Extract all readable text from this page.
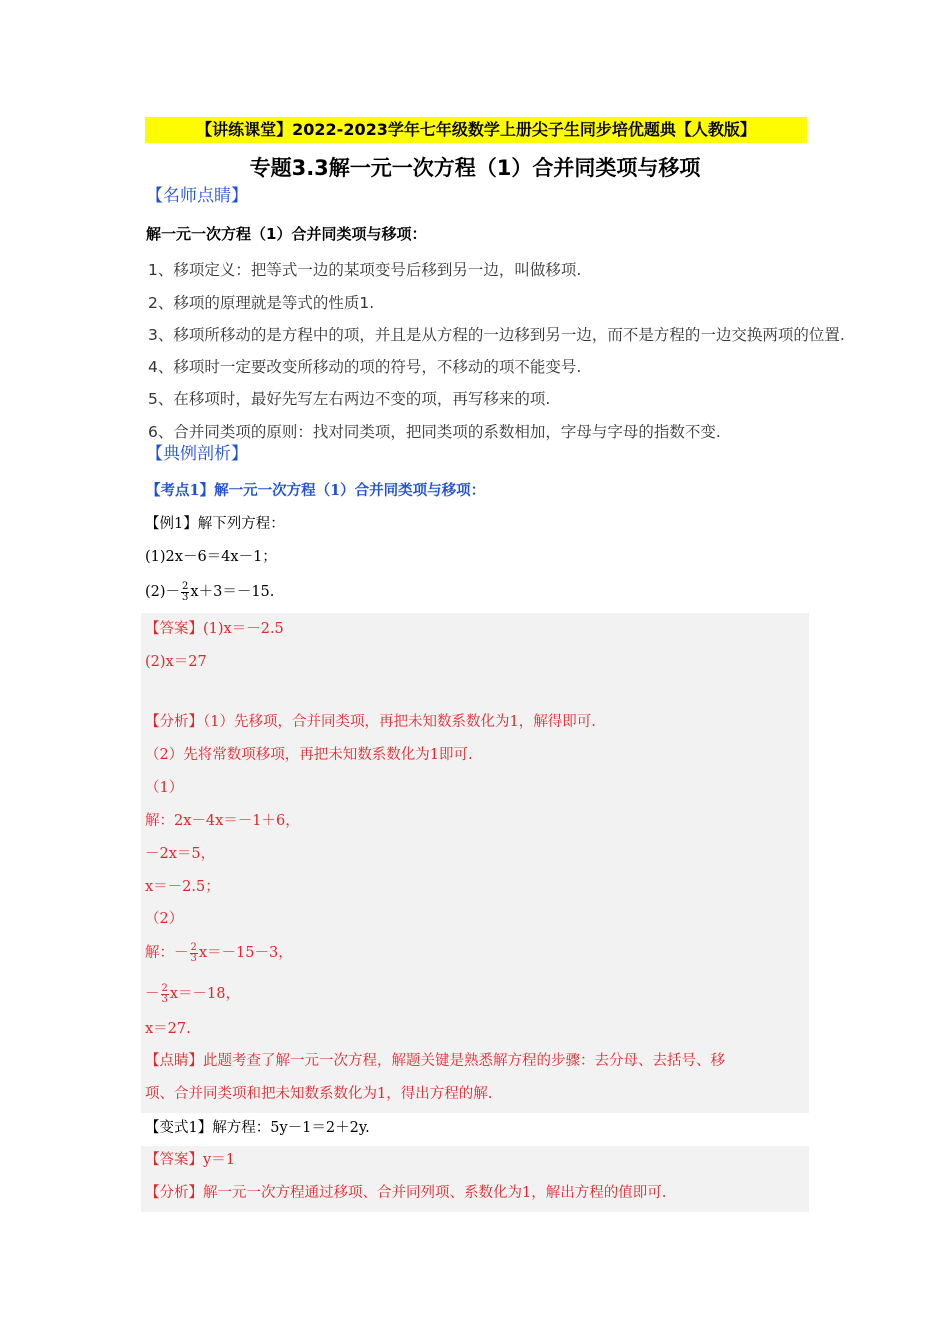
【讲练课堂】2022-2023学年七年级数学上册尖子生同步培优题典【人教版】
专题3.3解一元一次方程（1）合并同类项与移项
【名师点睛】
解一元一次方程（1）合并同类项与移项：
1、移项定义：把等式一边的某项变号后移到另一边，叫做移项.
2、移项的原理就是等式的性质1.
3、移项所移动的是方程中的项，并且是从方程的一边移到另一边，而不是方程的一边交换两项的位置.
4、移项时一定要改变所移动的项的符号，不移动的项不能变号.
5、在移项时，最好先写左右两边不变的项，再写移来的项.
6、合并同类项的原则：找对同类项，把同类项的系数相加，字母与字母的指数不变.
【典例剖析】
【考点1】解一元一次方程（1）合并同类项与移项：
【例1】解下列方程：
(1)2x－6＝4x－1；
$(2)- \frac{2}{3} x+3=-15$.
【答案】(1)x＝－2.5
(2)x＝27
【分析】（1）先移项，合并同类项，再把未知数系数化为1，解得即可.
（2）先将常数项移项，再把未知数系数化为1即可.
（1）
解：2x－4x＝－1＋6，
－2x＝5，
x＝－2.5；
（2）
解：－ $\frac{2}{3} x=-15-3$，
－ $\frac{2}{3} x=-18$，
x＝27.
【点睛】此题考查了解一元一次方程，解题关键是熟悉解方程的步骤：去分母、去括号、移
项、合并同类项和把未知数系数化为1，得出方程的解.
【变式1】解方程：5y－1＝2＋2y.
【答案】y＝1
【分析】解一元一次方程通过移项、合并同列项、系数化为1，解出方程的值即可.
